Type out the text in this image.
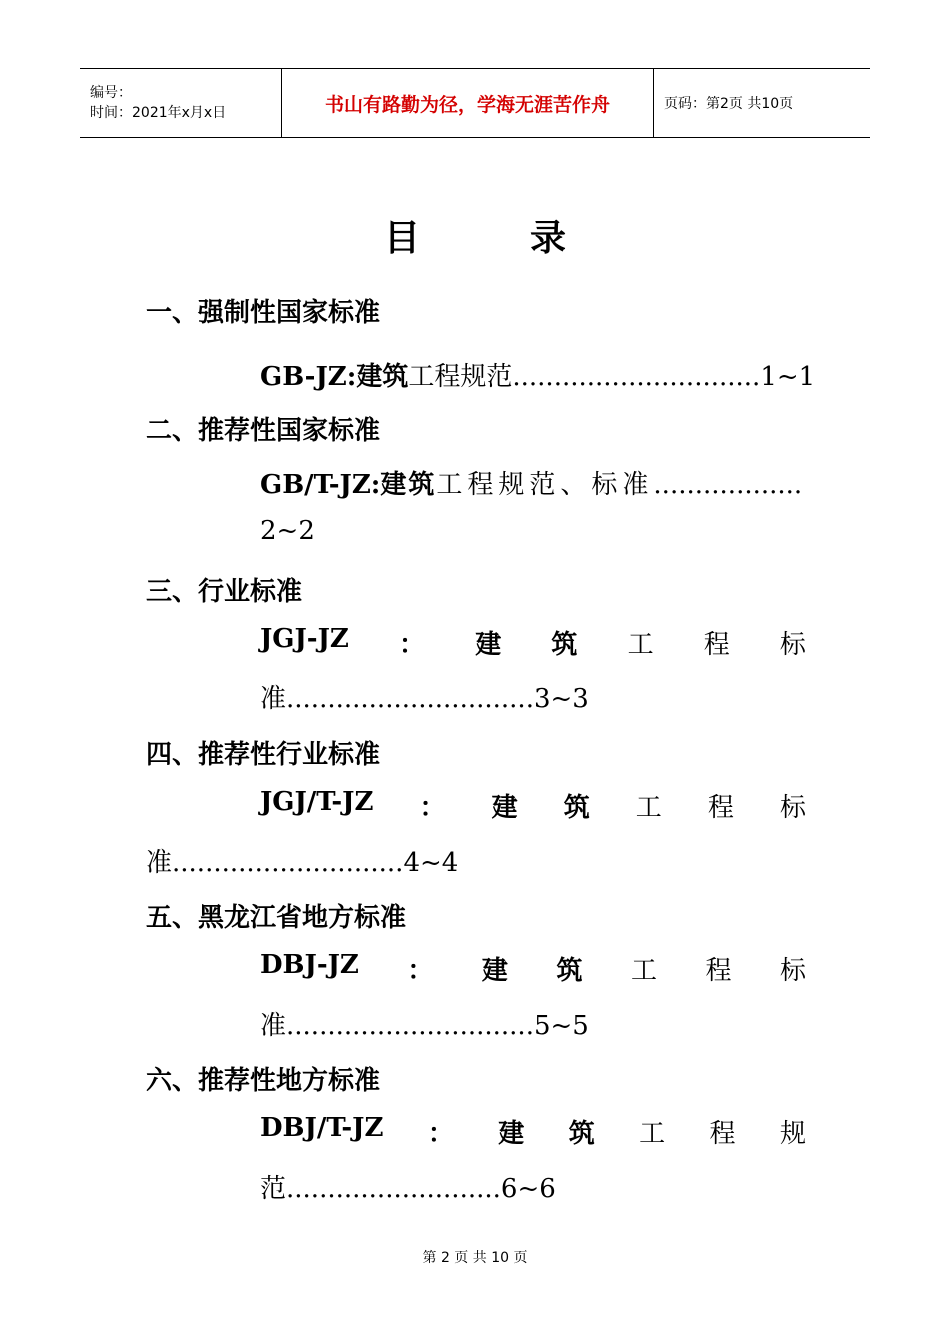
编号：
时间：2021年x月x日	书山有路勤为径，学海无涯苦作舟	页码：第2页 共10页
目	录
一、强制性国家标准
GB-JZ:建筑工程规范..............................1~1
二、推荐性国家标准
GB/T-JZ:建筑工程规范、标准..................
2~2
三、行业标准
JGJ-JZ ： 建 筑 工 程 标
准..............................3~3
四、推荐性行业标准
JGJ/T-JZ ： 建 筑 工 程 标
准............................4~4
五、黑龙江省地方标准
DBJ-JZ ： 建 筑 工 程 标
准..............................5~5
六、推荐性地方标准
DBJ/T-JZ ： 建 筑 工 程 规
范..........................6~6
第 2 页 共 10 页
